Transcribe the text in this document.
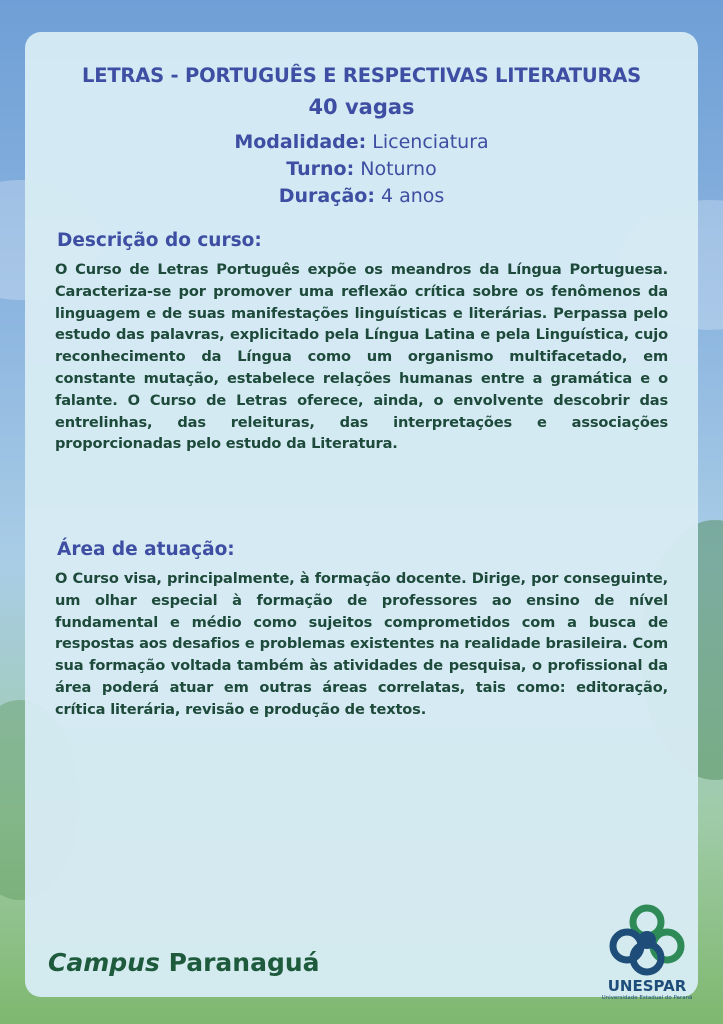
LETRAS - PORTUGUÊS E RESPECTIVAS LITERATURAS
40 vagas
Modalidade: Licenciatura
Turno: Noturno
Duração: 4 anos
Descrição do curso:
O Curso de Letras Português expõe os meandros da Língua Portuguesa. Caracteriza-se por promover uma reflexão crítica sobre os fenômenos da linguagem e de suas manifestações linguísticas e literárias. Perpassa pelo estudo das palavras, explicitado pela Língua Latina e pela Linguística, cujo reconhecimento da Língua como um organismo multifacetado, em constante mutação, estabelece relações humanas entre a gramática e o falante. O Curso de Letras oferece, ainda, o envolvente descobrir das entrelinhas, das releituras, das interpretações e associações proporcionadas pelo estudo da Literatura.
Área de atuação:
O Curso visa, principalmente, à formação docente. Dirige, por conseguinte, um olhar especial à formação de professores ao ensino de nível fundamental e médio como sujeitos comprometidos com a busca de respostas aos desafios e problemas existentes na realidade brasileira. Com sua formação voltada também às atividades de pesquisa, o profissional da área poderá atuar em outras áreas correlatas, tais como: editoração, crítica literária, revisão e produção de textos.
Campus Paranaguá
UNESPAR
Universidade Estadual do Paraná
